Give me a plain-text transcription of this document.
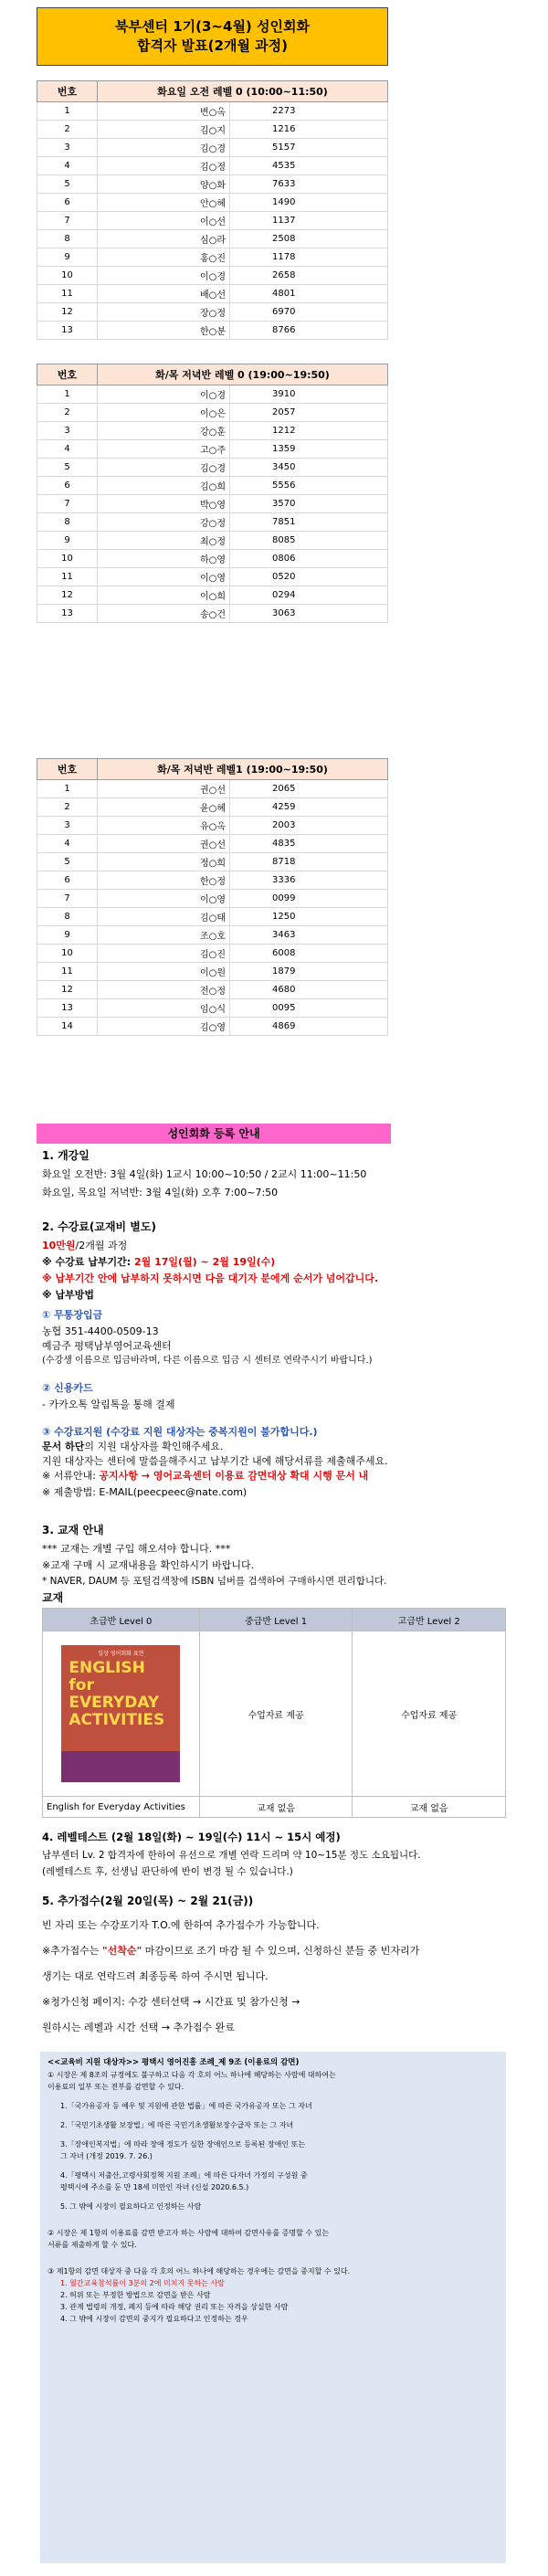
북부센터 1기(3~4월) 성인회화
합격자 발표(2개월 과정)
번호	화요일 오전 레벨 0 (10:00~11:50)	
1	변○옥	2273
2	김○지	1216
3	김○경	5157
4	김○정	4535
5	양○화	7633
6	안○혜	1490
7	이○선	1137
8	심○라	2508
9	홍○진	1178
10	이○경	2658
11	배○선	4801
12	장○정	6970
13	한○분	8766
번호	화/목 저녁반 레벨 0 (19:00~19:50)	
1	이○경	3910
2	이○은	2057
3	강○훈	1212
4	고○주	1359
5	김○경	3450
6	김○희	5556
7	박○영	3570
8	강○정	7851
9	최○정	8085
10	하○영	0806
11	이○영	0520
12	이○희	0294
13	송○건	3063
번호	화/목 저녁반 레벨1 (19:00~19:50)	
1	권○선	2065
2	윤○혜	4259
3	유○옥	2003
4	권○선	4835
5	정○희	8718
6	한○정	3336
7	이○영	0099
8	김○태	1250
9	조○호	3463
10	김○진	6008
11	이○원	1879
12	전○정	4680
13	임○식	0095
14	김○영	4869
성인회화 등록 안내
1. 개강일
화요일 오전반: 3월 4일(화) 1교시 10:00~10:50 / 2교시 11:00~11:50
화요일, 목요일 저녁반: 3월 4일(화) 오후 7:00~7:50
2. 수강료(교재비 별도)
10만원/2개월 과정
※ 수강료 납부기간: 2월 17일(월) ~ 2월 19일(수)
※ 납부기간 안에 납부하지 못하시면 다음 대기자 분에게 순서가 넘어갑니다.
※ 납부방법
① 무통장입금
농협 351-4400-0509-13
예금주 평택남부영어교육센터
(수강생 이름으로 입금바라며, 다른 이름으로 입금 시 센터로 연락주시기 바랍니다.)
② 신용카드
- 카카오톡 알림톡을 통해 결제
③ 수강료지원 (수강료 지원 대상자는 중복지원이 불가합니다.)
문서 하단의 지원 대상자를 확인해주세요.
지원 대상자는 센터에 말씀을해주시고 납부기간 내에 해당서류를 제출해주세요.
※ 서류안내: 공지사항 → 영어교육센터 이용료 감면대상 확대 시행 문서 내
※ 제출방법: E-MAIL(peecpeec@nate.com)
3. 교재 안내
*** 교재는 개별 구입 해오셔야 합니다. ***
※교재 구매 시 교재내용을 확인하시기 바랍니다.
* NAVER, DAUM 등 포털검색창에 ISBN 넘버를 검색하여 구매하시면 편리합니다.
교재
초급반 Level 0	중급반 Level 1	고급반 Level 2

일상 영어회화 표현
ENGLISH for EVERYDAY ACTIVITIES	수업자료 제공	수업자료 제공
English for Everyday Activities	교재 없음	교재 없음
4. 레벨테스트 (2월 18일(화) ~ 19일(수) 11시 ~ 15시 예정)
남부센터 Lv. 2 합격자에 한하여 유선으로 개별 연락 드리며 약 10~15분 정도 소요됩니다.
(레벨테스트 후, 선생님 판단하에 반이 변경 될 수 있습니다.)
5. 추가접수(2월 20일(목) ~ 2월 21(금))
빈 자리 또는 수강포기자 T.O.에 한하여 추가접수가 가능합니다.
※추가접수는 "선착순" 마감이므로 조기 마감 될 수 있으며, 신청하신 분들 중 빈자리가
생기는 대로 연락드려 최종등록 하여 주시면 됩니다.
※청가신청 페이지: 수강 센터선택 → 시간표 및 참가신청 →
원하시는 레벨과 시간 선택 → 추가접수 완료
<<교육비 지원 대상자>> 평택시 영어진흥 조례_제 9조 (이용료의 감면)
① 시장은 제 8조의 규정에도 불구하고 다음 각 호의 어느 하나에 해당하는 사람에 대하여는
이용료의 일부 또는 전부를 감면할 수 있다.
1.「국가유공자 등 예우 및 지원에 관한 법률」에 따른 국가유공자 또는 그 자녀
2.「국민기초생활 보장법」에 따른 국민기초생활보장수급자 또는 그 자녀
3.「장애인복지법」에 따라 장애 정도가 심한 장애인으로 등록된 장애인 또는
그 자녀 (개정 2019. 7. 26.)
4.「평택시 저출산,고령사회정책 지원 조례」에 따른 다자녀 가정의 구성원 중
평택시에 주소를 둔 만 18세 미만인 자녀 (신설 2020.6.5.)
5. 그 밖에 시장이 필요하다고 인정하는 사람
② 시장은 제 1항의 이용료를 감면 받고자 하는 사람에 대하여 감면사유를 증명할 수 있는
서류를 제출하게 할 수 있다.
③ 제1항의 감면 대상자 중 다음 각 호의 어느 하나에 해당하는 경우에는 감면을 중지할 수 있다.
1. 월간교육참석률이 3분의 2에 미치지 못하는 사람
2. 허위 또는 부정한 방법으로 감면을 받은 사람
3. 관계 법령의 개정, 폐지 등에 따라 해당 권리 또는 자격을 상실한 사람
4. 그 밖에 시장이 감면의 중지가 필요하다고 인정하는 경우
